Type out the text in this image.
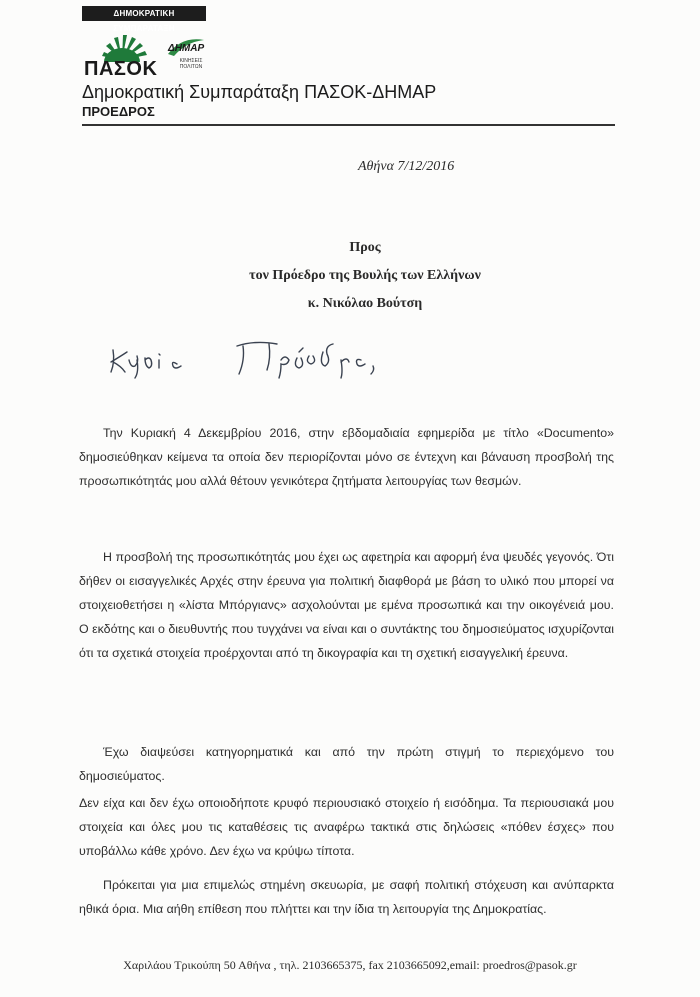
ΔΗΜΟΚΡΑΤΙΚΗ ΣΥΜΠΑΡΑΤΑΞΗ
ΠΑΣΟΚ
ΔΗΜΑΡ
ΚΙΝΗΣΕΙΣ ΠΟΛΙΤΩΝ
Δημοκρατική Συμπαράταξη ΠΑΣΟΚ-ΔΗΜΑΡ
ΠΡΟΕΔΡΟΣ
Αθήνα 7/12/2016
Προς
τον Πρόεδρο της Βουλής των Ελλήνων
κ. Νικόλαο Βούτση

Την Κυριακή 4 Δεκεμβρίου 2016, στην εβδομαδιαία εφημερίδα με τίτλο «Documento» δημοσιεύθηκαν κείμενα τα οποία δεν περιορίζονται μόνο σε έντεχνη και βάναυση προσβολή της προσωπικότητάς μου αλλά θέτουν γενικότερα ζητήματα λειτουργίας των θεσμών.

Η προσβολή της προσωπικότητάς μου έχει ως αφετηρία και αφορμή ένα ψευδές γεγονός. Ότι δήθεν οι εισαγγελικές Αρχές στην έρευνα για πολιτική διαφθορά με βάση το υλικό που μπορεί να στοιχειοθετήσει η «λίστα Μπόργιανς» ασχολούνται με εμένα προσωπικά και την οικογένειά μου. Ο εκδότης και ο διευθυντής που τυγχάνει να είναι και ο συντάκτης του δημοσιεύματος ισχυρίζονται ότι τα σχετικά στοιχεία προέρχονται από τη δικογραφία και τη σχετική εισαγγελική έρευνα.

Έχω διαψεύσει κατηγορηματικά και από την πρώτη στιγμή το περιεχόμενο του δημοσιεύματος.

Δεν είχα και δεν έχω οποιοδήποτε κρυφό περιουσιακό στοιχείο ή εισόδημα. Τα περιουσιακά μου στοιχεία και όλες μου τις καταθέσεις τις αναφέρω τακτικά στις δηλώσεις «πόθεν έσχες» που υποβάλλω κάθε χρόνο. Δεν έχω να κρύψω τίποτα.

Πρόκειται για μια επιμελώς στημένη σκευωρία, με σαφή πολιτική στόχευση και ανύπαρκτα ηθικά όρια. Μια αήθη επίθεση που πλήττει και την ίδια τη λειτουργία της Δημοκρατίας.

Χαριλάου Τρικούπη 50 Αθήνα , τηλ. 2103665375, fax 2103665092,email: proedros@pasok.gr
